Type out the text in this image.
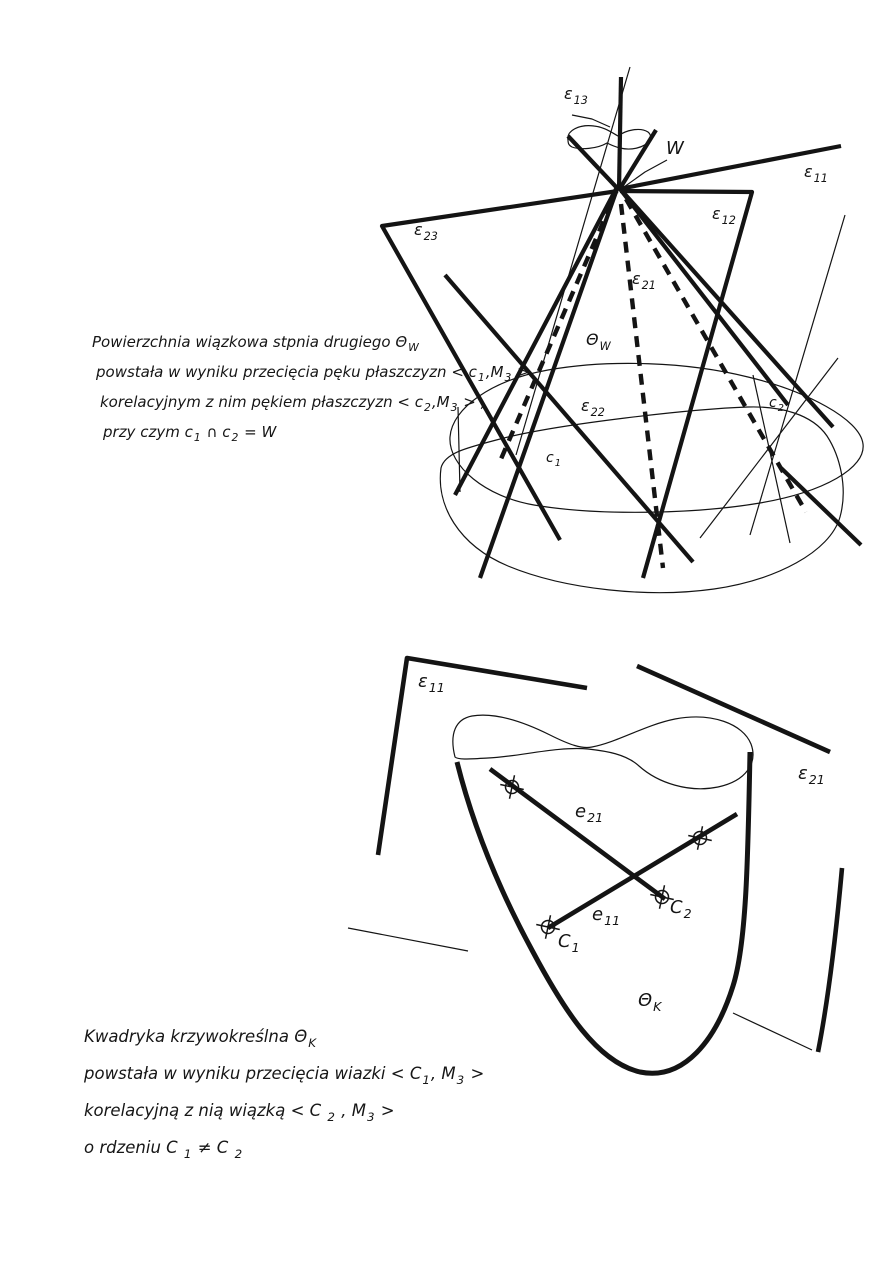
$\varepsilon_{13}$
W
$\varepsilon_{11}$
$\varepsilon_{12}$
$\varepsilon_{23}$
$\varepsilon_{21}$
$\Theta_W$
$\varepsilon_{22}$
$c_1$
$c_2$
$\varepsilon_{11}$
$\varepsilon_{21}$
$e_{21}$
$e_{11}$
$C_1$
$C_2$
$\Theta_K$
Powierzchnia wiązkowa stpnia drugiego $\Theta_W$
powstała w wyniku przecięcia pęku płaszczyzn < $c_1,M_3$ >
korelacyjnym z nim pękiem płaszczyzn < $c_2,M_3$ > ,
przy czym $c_1$ ∩ $c_2 = W$
Kwadryka krzywokreślna $\Theta_K$
powstała w wyniku przecięcia wiazki < $C_1$, $M_3$ >
korelacyjną z nią wiązką < C $_2$ , $M_3$ >
o rdzeniu C $_1$ ≠ C $_2$
